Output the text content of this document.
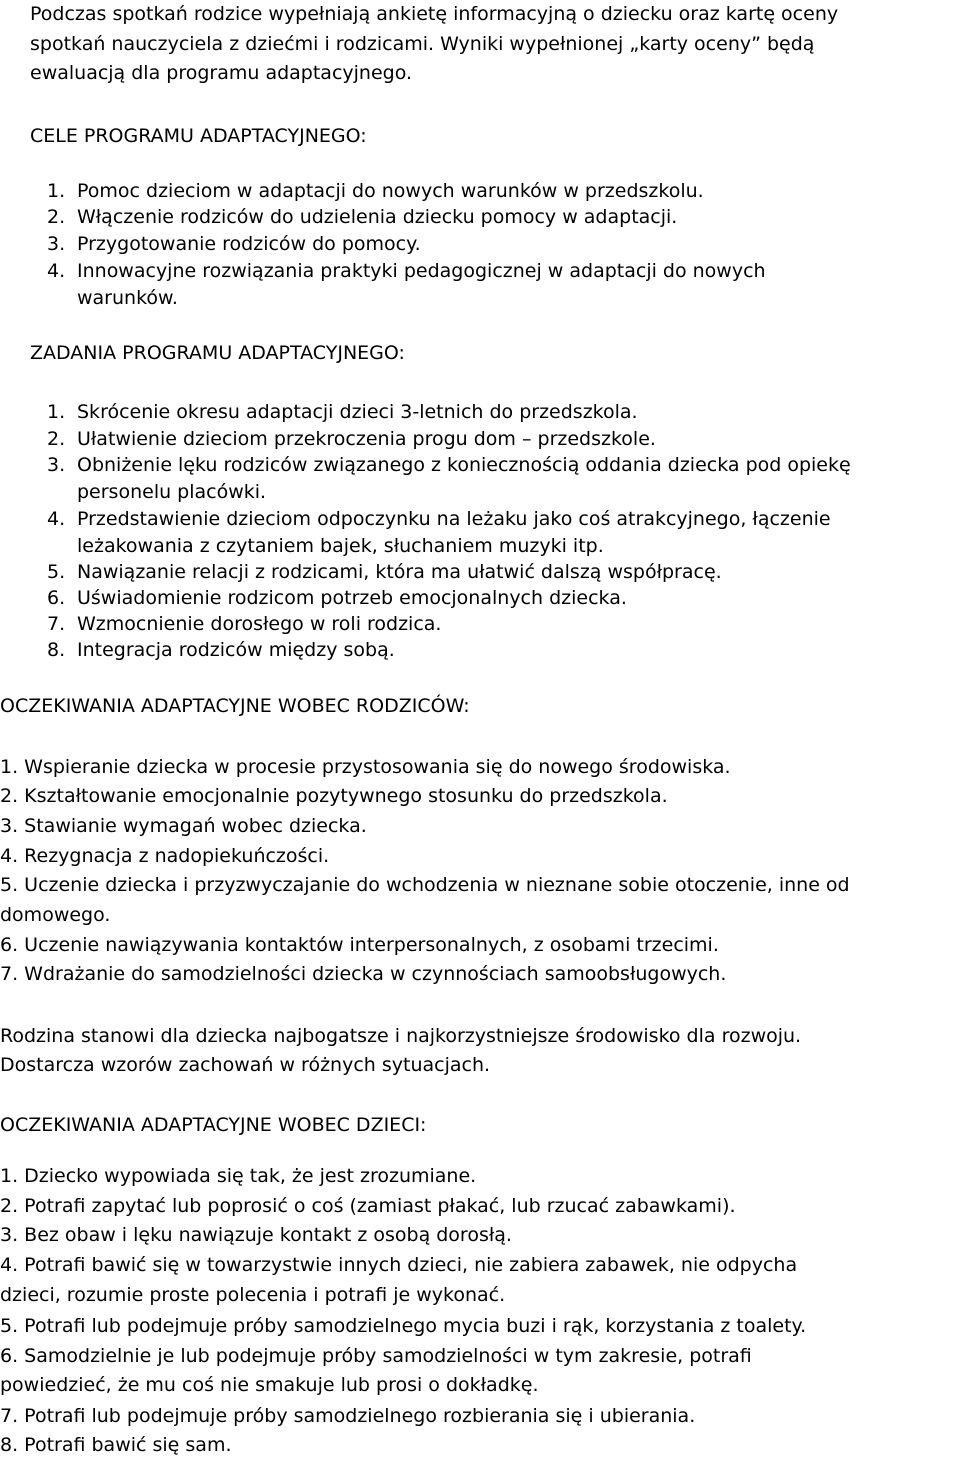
Podczas spotkań rodzice wypełniają ankietę informacyjną o dziecku oraz kartę oceny
spotkań nauczyciela z dziećmi i rodzicami. Wyniki wypełnionej „karty oceny” będą
ewaluacją dla programu adaptacyjnego.
CELE PROGRAMU ADAPTACYJNEGO:
1. Pomoc dzieciom w adaptacji do nowych warunków w przedszkolu.
2. Włączenie rodziców do udzielenia dziecku pomocy w adaptacji.
3. Przygotowanie rodziców do pomocy.
4. Innowacyjne rozwiązania praktyki pedagogicznej w adaptacji do nowych
warunków.
ZADANIA PROGRAMU ADAPTACYJNEGO:
1. Skrócenie okresu adaptacji dzieci 3-letnich do przedszkola.
2. Ułatwienie dzieciom przekroczenia progu dom – przedszkole.
3. Obniżenie lęku rodziców związanego z koniecznością oddania dziecka pod opiekę
personelu placówki.
4. Przedstawienie dzieciom odpoczynku na leżaku jako coś atrakcyjnego, łączenie
leżakowania z czytaniem bajek, słuchaniem muzyki itp.
5. Nawiązanie relacji z rodzicami, która ma ułatwić dalszą współpracę.
6. Uświadomienie rodzicom potrzeb emocjonalnych dziecka.
7. Wzmocnienie dorosłego w roli rodzica.
8. Integracja rodziców między sobą.
OCZEKIWANIA ADAPTACYJNE WOBEC RODZICÓW:
1. Wspieranie dziecka w procesie przystosowania się do nowego środowiska.
2. Kształtowanie emocjonalnie pozytywnego stosunku do przedszkola.
3. Stawianie wymagań wobec dziecka.
4. Rezygnacja z nadopiekuńczości.
5. Uczenie dziecka i przyzwyczajanie do wchodzenia w nieznane sobie otoczenie, inne od
domowego.
6. Uczenie nawiązywania kontaktów interpersonalnych, z osobami trzecimi.
7. Wdrażanie do samodzielności dziecka w czynnościach samoobsługowych.
Rodzina stanowi dla dziecka najbogatsze i najkorzystniejsze środowisko dla rozwoju.
Dostarcza wzorów zachowań w różnych sytuacjach.
OCZEKIWANIA ADAPTACYJNE WOBEC DZIECI:
1. Dziecko wypowiada się tak, że jest zrozumiane.
2. Potrafi zapytać lub poprosić o coś (zamiast płakać, lub rzucać zabawkami).
3. Bez obaw i lęku nawiązuje kontakt z osobą dorosłą.
4. Potrafi bawić się w towarzystwie innych dzieci, nie zabiera zabawek, nie odpycha
dzieci, rozumie proste polecenia i potrafi je wykonać.
5. Potrafi lub podejmuje próby samodzielnego mycia buzi i rąk, korzystania z toalety.
6. Samodzielnie je lub podejmuje próby samodzielności w tym zakresie, potrafi
powiedzieć, że mu coś nie smakuje lub prosi o dokładkę.
7. Potrafi lub podejmuje próby samodzielnego rozbierania się i ubierania.
8. Potrafi bawić się sam.
